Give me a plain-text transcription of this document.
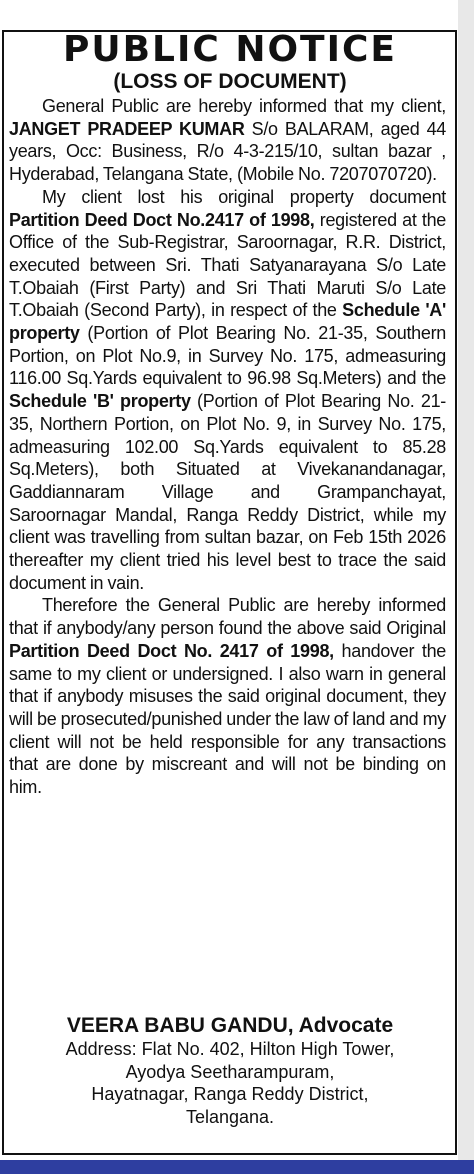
PUBLIC NOTICE
(LOSS OF DOCUMENT)

General Public are hereby informed that my client, JANGET PRADEEP KUMAR S/o BALARAM, aged 44 years, Occ: Business, R/o 4-3-215/10, sultan bazar , Hyderabad, Telangana State, (Mobile No. 7207070720).

My client lost his original property document Partition Deed Doct No.2417 of 1998, registered at the Office of the Sub-Registrar, Saroornagar, R.R. District, executed between Sri. Thati Satyanarayana S/o Late T.Obaiah (First Party) and Sri Thati Maruti S/o Late T.Obaiah (Second Party), in respect of the Schedule 'A' property (Portion of Plot Bearing No. 21-35, Southern Portion, on Plot No.9, in Survey No. 175, admeasuring 116.00 Sq.Yards equivalent to 96.98 Sq.Meters) and the Schedule 'B' property (Portion of Plot Bearing No. 21-35, Northern Portion, on Plot No. 9, in Survey No. 175, admeasuring 102.00 Sq.Yards equivalent to 85.28 Sq.Meters), both Situated at Vivekanandanagar, Gaddiannaram Village and Grampanchayat, Saroornagar Mandal, Ranga Reddy District, while my client was travelling from sultan bazar, on Feb 15th 2026 thereafter my client tried his level best to trace the said document in vain.

Therefore the General Public are hereby informed that if anybody/any person found the above said Original Partition Deed Doct No. 2417 of 1998, handover the same to my client or undersigned. I also warn in general that if anybody misuses the said original document, they will be prosecuted/punished under the law of land and my client will not be held responsible for any transactions that are done by miscreant and will not be binding on him.

VEERA BABU GANDU, Advocate
Address: Flat No. 402, Hilton High Tower,
Ayodya Seetharampuram,
Hayatnagar, Ranga Reddy District,
Telangana.
